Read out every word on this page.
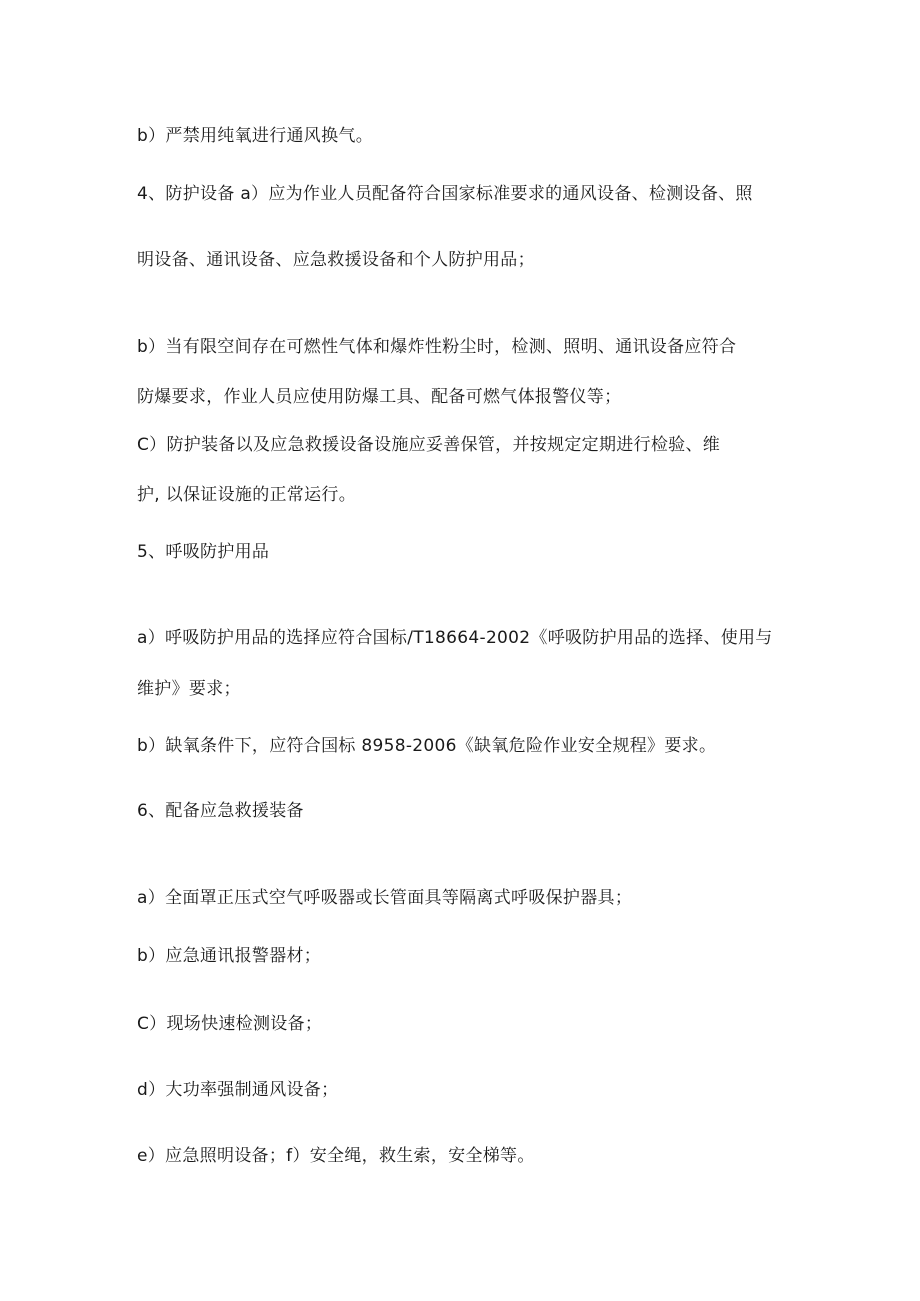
b）严禁用纯氧进行通风换气。
4、防护设备 a）应为作业人员配备符合国家标准要求的通风设备、检测设备、照
明设备、通讯设备、应急救援设备和个人防护用品；
b）当有限空间存在可燃性气体和爆炸性粉尘时，检测、照明、通讯设备应符合
防爆要求，作业人员应使用防爆工具、配备可燃气体报警仪等；
C）防护装备以及应急救援设备设施应妥善保管，并按规定定期进行检验、维
护, 以保证设施的正常运行。
5、呼吸防护用品
a）呼吸防护用品的选择应符合国标/T18664-2002《呼吸防护用品的选择、使用与
维护》要求；
b）缺氧条件下，应符合国标 8958-2006《缺氧危险作业安全规程》要求。
6、配备应急救援装备
a）全面罩正压式空气呼吸器或长管面具等隔离式呼吸保护器具；
b）应急通讯报警器材；
C）现场快速检测设备；
d）大功率强制通风设备；
e）应急照明设备；f）安全绳，救生索，安全梯等。
